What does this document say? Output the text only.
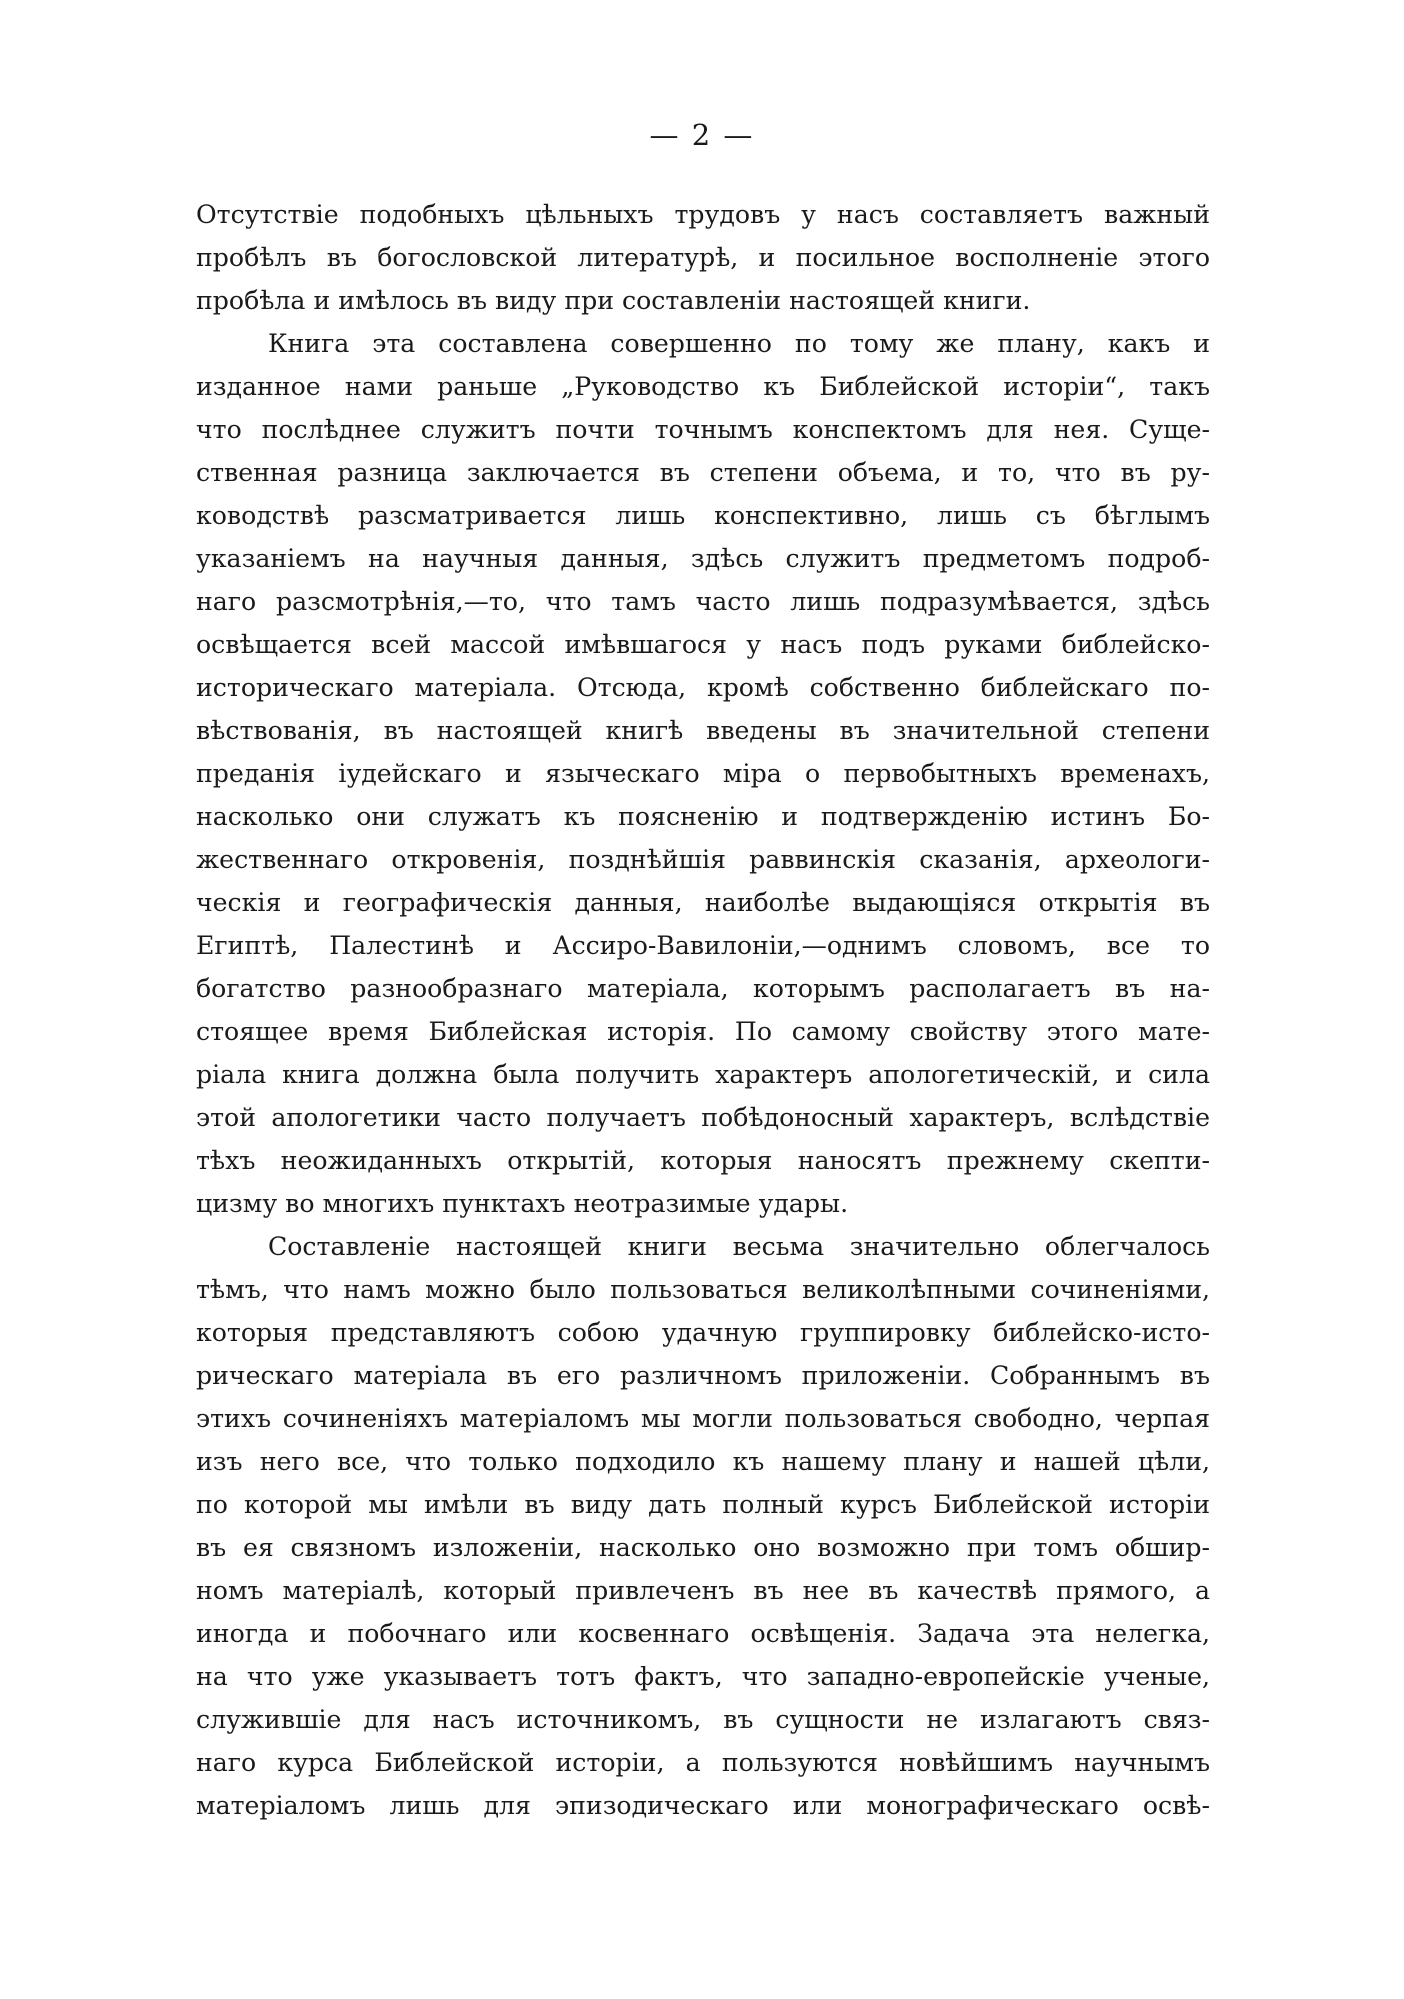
— 2 —
Отсутствіе подобныхъ цѣльныхъ трудовъ у насъ составляетъ важный
пробѣлъ въ богословской литературѣ, и посильное восполненіе этого
пробѣла и имѣлось въ виду при составленіи настоящей книги.
Книга эта составлена совершенно по тому же плану, какъ и
изданное нами раньше „Руководство къ Библейской исторіи“, такъ
что послѣднее служитъ почти точнымъ конспектомъ для нея. Суще-
ственная разница заключается въ степени объема, и то, что въ ру-
ководствѣ разсматривается лишь конспективно, лишь съ бѣглымъ
указаніемъ на научныя данныя, здѣсь служитъ предметомъ подроб-
наго разсмотрѣнія,—то, что тамъ часто лишь подразумѣвается, здѣсь
освѣщается всей массой имѣвшагося у насъ подъ руками библейско-
историческаго матеріала. Отсюда, кромѣ собственно библейскаго по-
вѣствованія, въ настоящей книгѣ введены въ значительной степени
преданія іудейскаго и языческаго міра о первобытныхъ временахъ,
насколько они служатъ къ поясненію и подтвержденію истинъ Бо-
жественнаго откровенія, позднѣйшія раввинскія сказанія, археологи-
ческія и географическія данныя, наиболѣе выдающіяся открытія въ
Египтѣ, Палестинѣ и Ассиро-Вавилоніи,—однимъ словомъ, все то
богатство разнообразнаго матеріала, которымъ располагаетъ въ на-
стоящее время Библейская исторія. По самому свойству этого мате-
ріала книга должна была получить характеръ апологетическій, и сила
этой апологетики часто получаетъ побѣдоносный характеръ, вслѣдствіе
тѣхъ неожиданныхъ открытій, которыя наносятъ прежнему скепти-
цизму во многихъ пунктахъ неотразимые удары.
Составленіе настоящей книги весьма значительно облегчалось
тѣмъ, что намъ можно было пользоваться великолѣпными сочиненіями,
которыя представляютъ собою удачную группировку библейско-исто-
рическаго матеріала въ его различномъ приложеніи. Собраннымъ въ
этихъ сочиненіяхъ матеріаломъ мы могли пользоваться свободно, черпая
изъ него все, что только подходило къ нашему плану и нашей цѣли,
по которой мы имѣли въ виду дать полный курсъ Библейской исторіи
въ ея связномъ изложеніи, насколько оно возможно при томъ обшир-
номъ матеріалѣ, который привлеченъ въ нее въ качествѣ прямого, а
иногда и побочнаго или косвеннаго освѣщенія. Задача эта нелегка,
на что уже указываетъ тотъ фактъ, что западно-европейскіе ученые,
служившіе для насъ источникомъ, въ сущности не излагаютъ связ-
наго курса Библейской исторіи, а пользуются новѣйшимъ научнымъ
матеріаломъ лишь для эпизодическаго или монографическаго освѣ-
